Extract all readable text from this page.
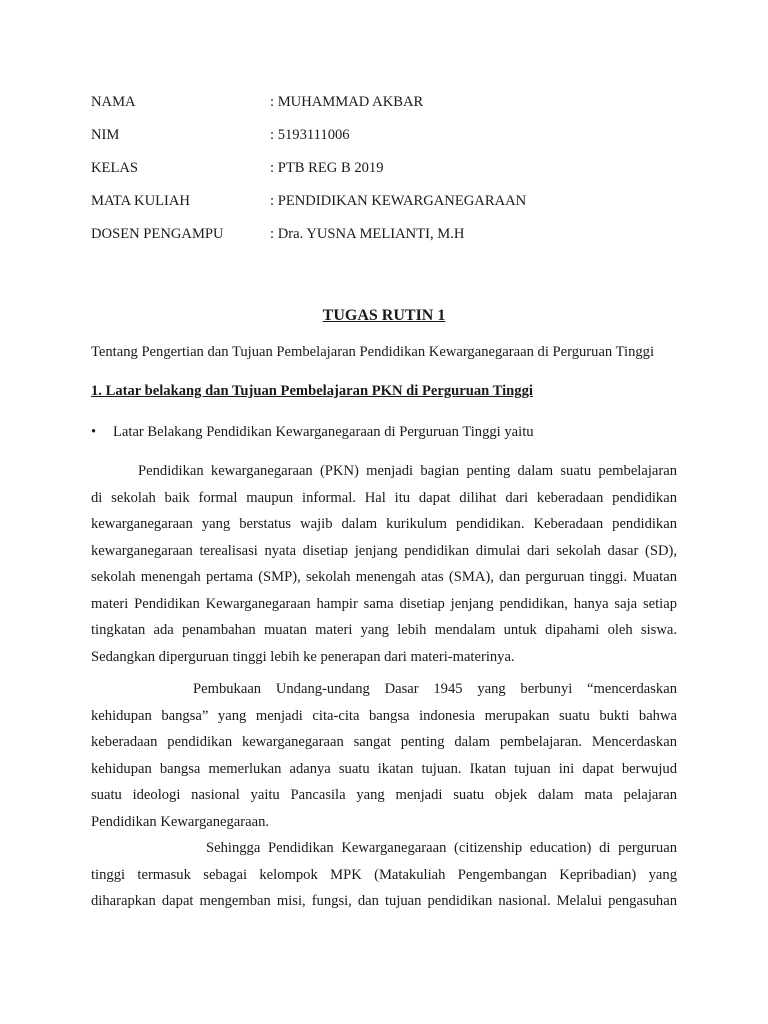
NAMA	: MUHAMMAD AKBAR
NIM	: 5193111006
KELAS	: PTB REG B 2019
MATA KULIAH	: PENDIDIKAN KEWARGANEGARAAN
DOSEN PENGAMPU	: Dra. YUSNA MELIANTI, M.H
TUGAS RUTIN 1
Tentang Pengertian dan Tujuan Pembelajaran Pendidikan Kewarganegaraan di Perguruan Tinggi
1. Latar belakang dan Tujuan Pembelajaran PKN di Perguruan Tinggi
• Latar Belakang Pendidikan Kewarganegaraan di Perguruan Tinggi yaitu
Pendidikan kewarganegaraan (PKN) menjadi bagian penting dalam suatu pembelajaran
di sekolah baik formal maupun informal. Hal itu dapat dilihat dari keberadaan pendidikan
kewarganegaraan yang berstatus wajib dalam kurikulum pendidikan. Keberadaan pendidikan
kewarganegaraan terealisasi nyata disetiap jenjang pendidikan dimulai dari sekolah dasar (SD),
sekolah menengah pertama (SMP), sekolah menengah atas (SMA), dan perguruan tinggi. Muatan
materi Pendidikan Kewarganegaraan hampir sama disetiap jenjang pendidikan, hanya saja setiap
tingkatan ada penambahan muatan materi yang lebih mendalam untuk dipahami oleh siswa.
Sedangkan diperguruan tinggi lebih ke penerapan dari materi-materinya.
Pembukaan Undang-undang Dasar 1945 yang berbunyi “mencerdaskan
kehidupan bangsa” yang menjadi cita-cita bangsa indonesia merupakan suatu bukti bahwa
keberadaan pendidikan kewarganegaraan sangat penting dalam pembelajaran. Mencerdaskan
kehidupan bangsa memerlukan adanya suatu ikatan tujuan. Ikatan tujuan ini dapat berwujud
suatu ideologi nasional yaitu Pancasila yang menjadi suatu objek dalam mata pelajaran
Pendidikan Kewarganegaraan.
Sehingga Pendidikan Kewarganegaraan (citizenship education) di perguruan
tinggi termasuk sebagai kelompok MPK (Matakuliah Pengembangan Kepribadian) yang
diharapkan dapat mengemban misi, fungsi, dan tujuan pendidikan nasional. Melalui pengasuhan
